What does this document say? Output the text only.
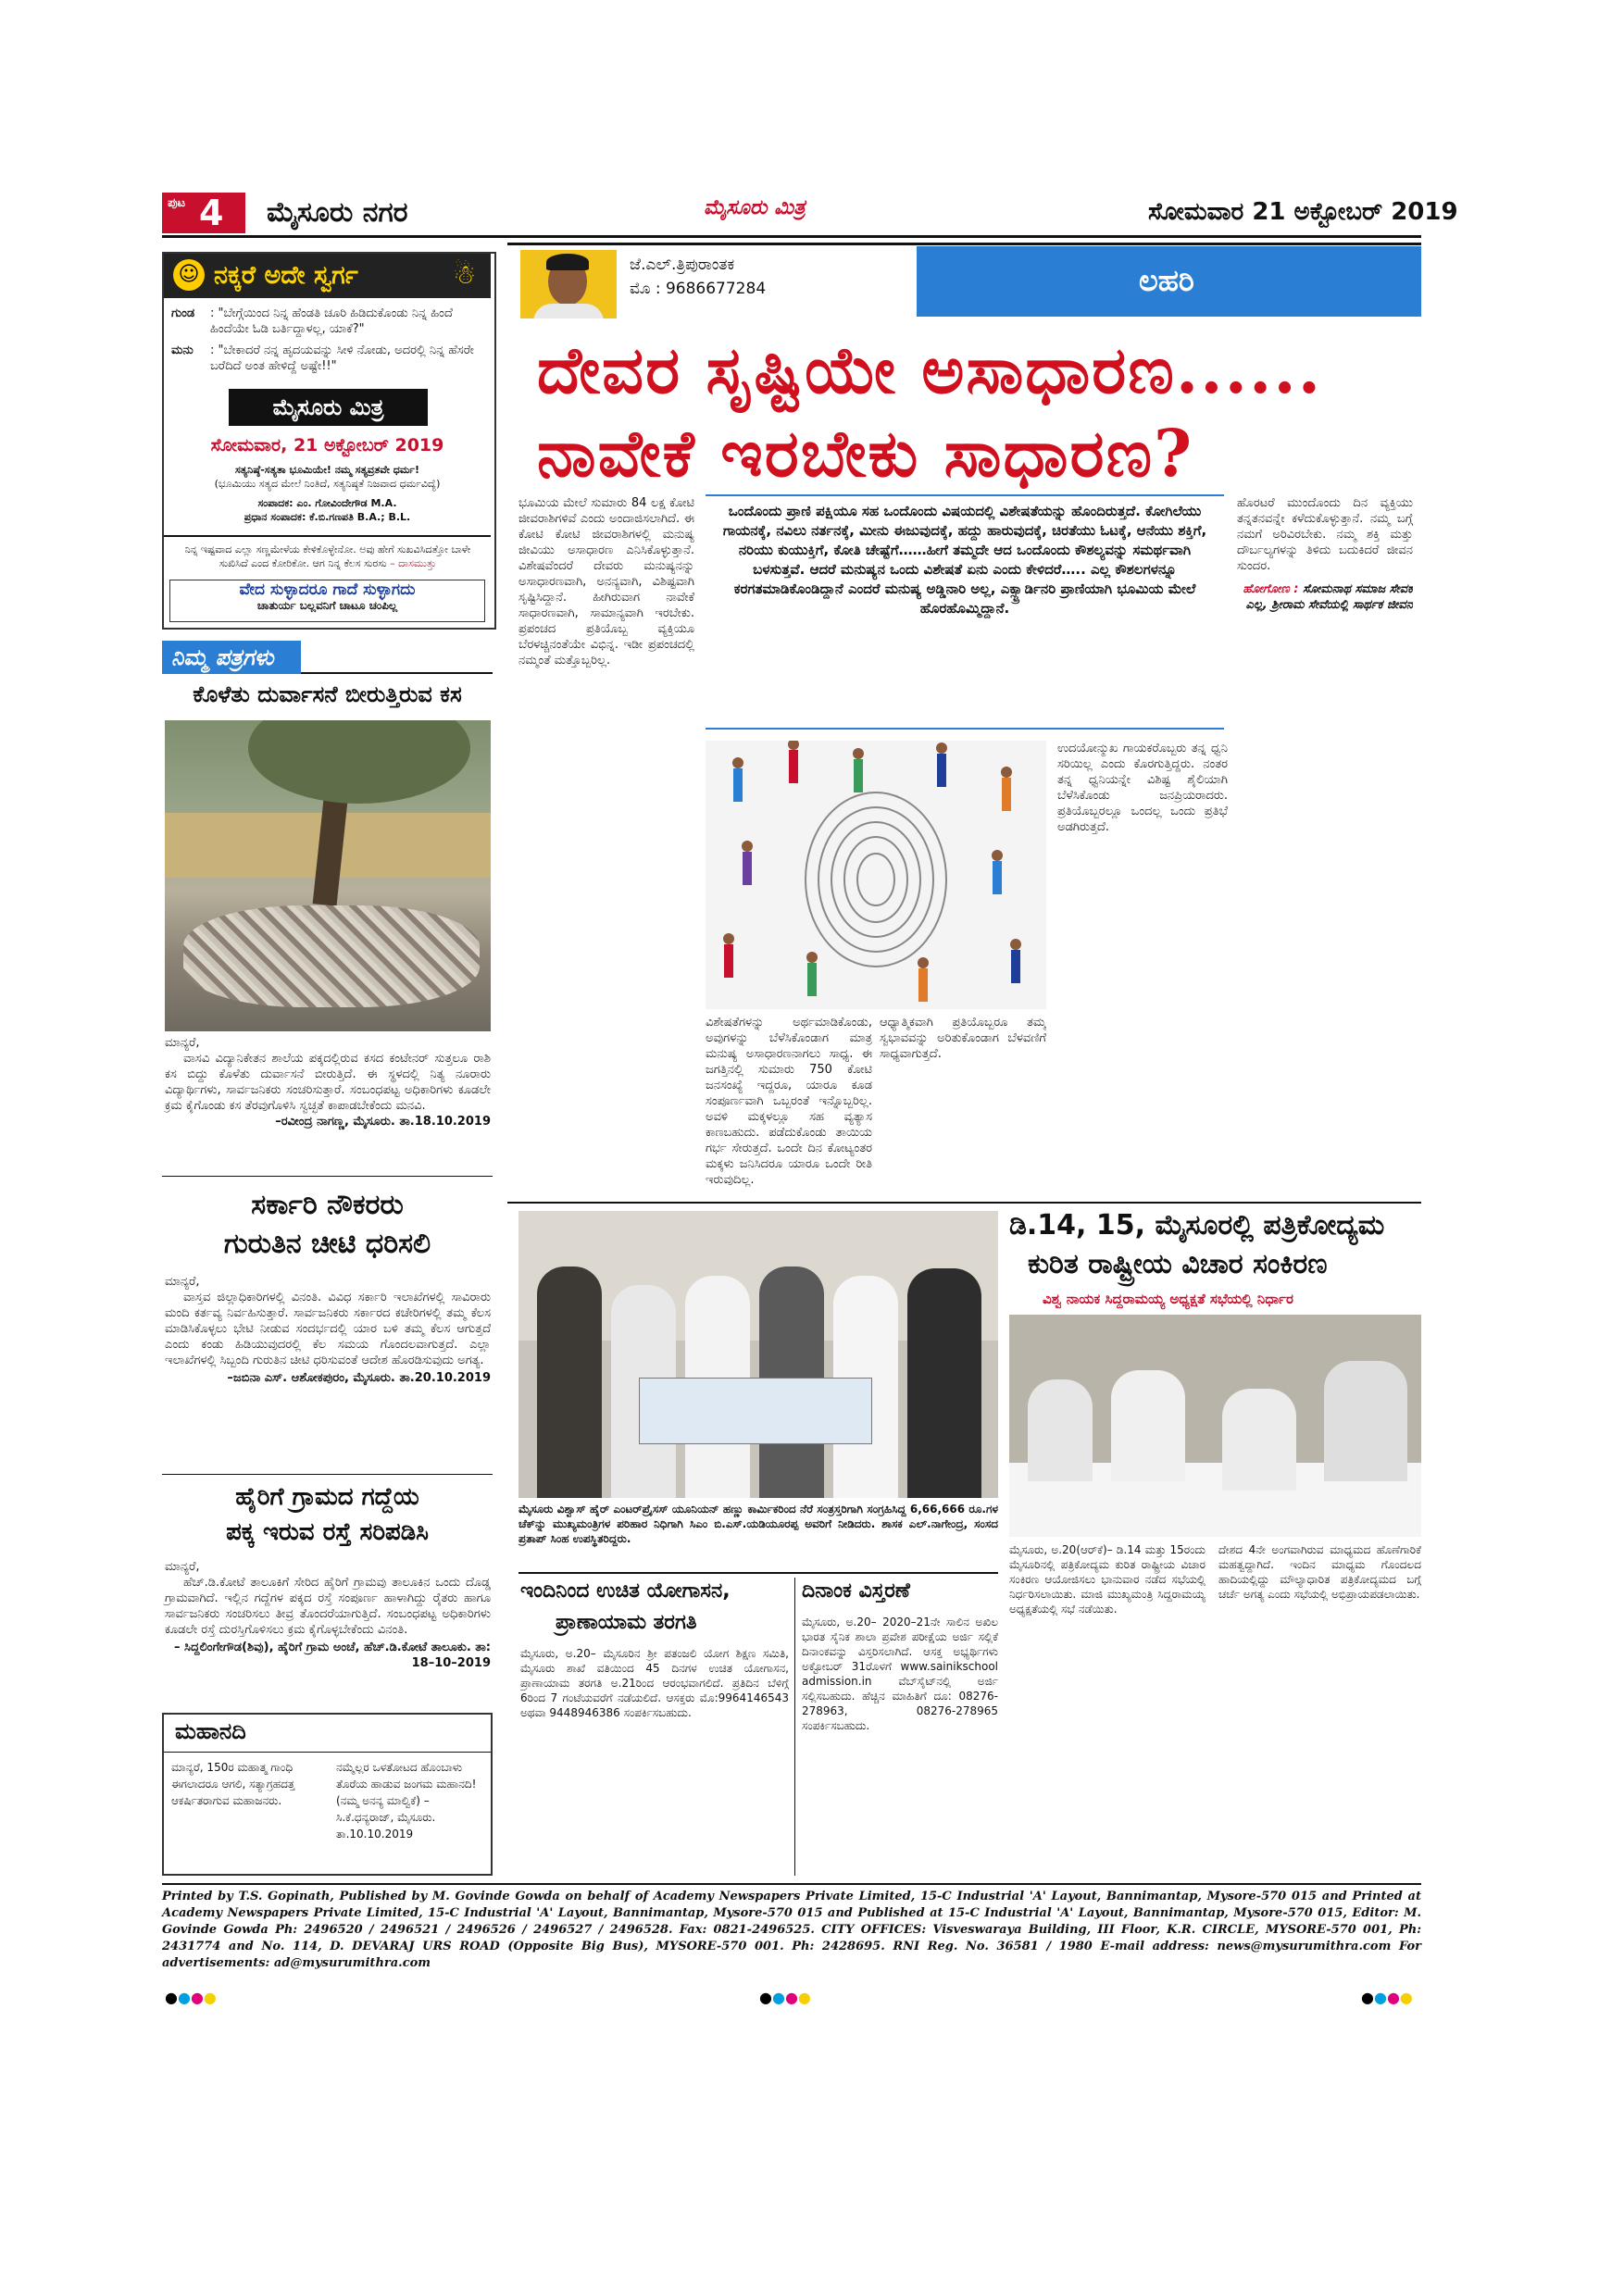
ಪುಟ 4 ಮೈಸೂರು ನಗರ	ಮೈಸೂರು ಮಿತ್ರ	ಸೋಮವಾರ 21 ಅಕ್ಟೋಬರ್ 2019
☺ ನಕ್ಕರೆ ಅದೇ ಸ್ವರ್ಗ	☃
ಗುಂಡ	: "ಬೇಗ್ಗೆಯಿಂದ ನಿನ್ನ ಹೆಂಡತಿ ಚೂರಿ ಹಿಡಿದುಕೊಂಡು ನಿನ್ನ ಹಿಂದೆ ಹಿಂದೆಯೇ ಓಡಿ ಬರ್ತಿದ್ದಾಳಲ್ಲ, ಯಾಕೆ?"
ಮನು	: "ಬೇಕಾದರೆ ನನ್ನ ಹೃದಯವನ್ನು ಸೀಳಿ ನೋಡು, ಅದರಲ್ಲಿ ನಿನ್ನ ಹೆಸರೇ ಬರೆದಿದೆ ಅಂತ ಹೇಳಿದ್ದೆ ಅಷ್ಟೇ!!"
ಮೈಸೂರು ಮಿತ್ರ
ಸೋಮವಾರ, 21 ಅಕ್ಟೋಬರ್ 2019
ಸತ್ಯನಿಷ್ಠೆ-ಸತ್ಯತಾ ಭೂಮಿಯೇ! ನಮ್ಮ ಸತ್ಯವ್ರತವೇ ಧರ್ಮ!
(ಭೂಮಿಯು ಸತ್ಯದ ಮೇಲೆ ನಿಂತಿದೆ, ಸತ್ಯನಿಷ್ಠತೆ ನಿಜವಾದ ಧರ್ಮವಿದ್ಯೆ)
ಸಂಪಾದಕ: ಎಂ. ಗೋವಿಂದೇಗೌಡ M.A.
ಪ್ರಧಾನ ಸಂಪಾದಕ: ಕೆ.ಬಿ.ಗಣಪತಿ B.A.; B.L.
ನಿನ್ನ ಇಷ್ಟವಾದ ಎಲ್ಲಾ ಸಣ್ಣಮೇಳೆಯ ಕೇಳಿಕೊಳ್ಳೇನೋ. ಅವು ಹೇಗೆ ಸುಖವಿಸಿದತ್ತೋ ಬಾಳೇ ಸುಖಿಸಿದೆ ಎಂದ ಕೋರಿಕೋ. ಆಗ ನಿನ್ನ ಕೆಲಸ ಸುರಸು – ದಾಸಮುತ್ತು
ವೇದ ಸುಳ್ಳಾದರೂ ಗಾದೆ ಸುಳ್ಳಾಗದು
ಚಾತುರ್ಯ ಬಲ್ಲವನಿಗೆ ಚಾಟೂ ಚಂಪಿಲ್ಲ
ನಿಮ್ಮ ಪತ್ರಗಳು
ಕೊಳೆತು ದುರ್ವಾಸನೆ ಬೀರುತ್ತಿರುವ ಕಸ
ಮಾನ್ಯರೆ,
ವಾಸವಿ ವಿದ್ಯಾನಿಕೇತನ ಶಾಲೆಯ ಪಕ್ಕದಲ್ಲಿರುವ ಕಸದ ಕಂಟೇನರ್ ಸುತ್ತಲೂ ರಾಶಿ ಕಸ ಬಿದ್ದು ಕೊಳೆತು ದುರ್ವಾಸನೆ ಬೀರುತ್ತಿದೆ. ಈ ಸ್ಥಳದಲ್ಲಿ ನಿತ್ಯ ನೂರಾರು ವಿದ್ಯಾರ್ಥಿಗಳು, ಸಾರ್ವಜನಿಕರು ಸಂಚರಿಸುತ್ತಾರೆ. ಸಂಬಂಧಪಟ್ಟ ಅಧಿಕಾರಿಗಳು ಕೂಡಲೇ ಕ್ರಮ ಕೈಗೊಂಡು ಕಸ ತೆರವುಗೊಳಿಸಿ ಸ್ವಚ್ಛತೆ ಕಾಪಾಡಬೇಕೆಂದು ಮನವಿ.
–ರವೀಂದ್ರ ನಾಗಣ್ಣ, ಮೈಸೂರು. ತಾ.18.10.2019
ಸರ್ಕಾರಿ ನೌಕರರು
ಗುರುತಿನ ಚೀಟಿ ಧರಿಸಲಿ
ಮಾನ್ಯರೆ,
ವಾಸ್ತವ ಜಿಲ್ಲಾಧಿಕಾರಿಗಳಲ್ಲಿ ವಿನಂತಿ. ವಿವಿಧ ಸರ್ಕಾರಿ ಇಲಾಖೆಗಳಲ್ಲಿ ಸಾವಿರಾರು ಮಂದಿ ಕರ್ತವ್ಯ ನಿರ್ವಹಿಸುತ್ತಾರೆ. ಸಾರ್ವಜನಿಕರು ಸರ್ಕಾರದ ಕಚೇರಿಗಳಲ್ಲಿ ತಮ್ಮ ಕೆಲಸ ಮಾಡಿಸಿಕೊಳ್ಳಲು ಭೇಟಿ ನೀಡುವ ಸಂದರ್ಭದಲ್ಲಿ ಯಾರ ಬಳಿ ತಮ್ಮ ಕೆಲಸ ಆಗುತ್ತದೆ ಎಂದು ಕಂಡು ಹಿಡಿಯುವುದರಲ್ಲಿ ಕೆಲ ಸಮಯ ಗೊಂದಲವಾಗುತ್ತದೆ. ಎಲ್ಲಾ ಇಲಾಖೆಗಳಲ್ಲಿ ಸಿಬ್ಬಂದಿ ಗುರುತಿನ ಚೀಟಿ ಧರಿಸುವಂತೆ ಆದೇಶ ಹೊರಡಿಸುವುದು ಅಗತ್ಯ.
–ಜಬಿನಾ ಎಸ್. ಆಶೋಕಪುರಂ, ಮೈಸೂರು. ತಾ.20.10.2019
ಹೈರಿಗೆ ಗ್ರಾಮದ ಗದ್ದೆಯ
ಪಕ್ಕ ಇರುವ ರಸ್ತೆ ಸರಿಪಡಿಸಿ
ಮಾನ್ಯರೆ,
ಹೆಚ್.ಡಿ.ಕೋಟೆ ತಾಲೂಕಿಗೆ ಸೇರಿದ ಹೈರಿಗೆ ಗ್ರಾಮವು ತಾಲೂಕಿನ ಒಂದು ದೊಡ್ಡ ಗ್ರಾಮವಾಗಿದೆ. ಇಲ್ಲಿನ ಗದ್ದೆಗಳ ಪಕ್ಕದ ರಸ್ತೆ ಸಂಪೂರ್ಣ ಹಾಳಾಗಿದ್ದು ರೈತರು ಹಾಗೂ ಸಾರ್ವಜನಿಕರು ಸಂಚರಿಸಲು ತೀವ್ರ ತೊಂದರೆಯಾಗುತ್ತಿದೆ. ಸಂಬಂಧಪಟ್ಟ ಅಧಿಕಾರಿಗಳು ಕೂಡಲೇ ರಸ್ತೆ ದುರಸ್ತಿಗೊಳಿಸಲು ಕ್ರಮ ಕೈಗೊಳ್ಳಬೇಕೆಂದು ವಿನಂತಿ.
– ಸಿದ್ದಲಿಂಗೇಗೌಡ(ಶಿವು), ಹೈರಿಗೆ ಗ್ರಾಮ ಅಂಚೆ, ಹೆಚ್.ಡಿ.ಕೋಟೆ ತಾಲೂಕು. ತಾ: 18–10–2019
ಮಹಾನದಿ
ಮಾನ್ಯರೆ, 150ರ ಮಹಾತ್ಮ ಗಾಂಧಿ ಈಗಲಾದರೂ ಆಗಲಿ, ಸತ್ಯಾಗ್ರಹದತ್ತ ಆಕರ್ಷಿತರಾಗುವ ಮಹಾಜನರು.
ನಮ್ಮೆಲ್ಲರ ಒಳತೋಟದ ಹೊಂಬಾಳು ತೊರೆಯ ಹಾಡುವ ಜಂಗಮ ಮಹಾನದಿ! (ನಮ್ಮ ಅನನ್ಯ ಮಾಲ್ವಿಕೆ) –ಸಿ.ಕೆ.ಧನ್ಯರಾಜ್, ಮೈಸೂರು. ತಾ.10.10.2019
ಜೆ.ಎಲ್.ತ್ರಿಪುರಾಂತಕ
ಮೊ : 9686677284	ಲಹರಿ
ದೇವರ ಸೃಷ್ಟಿಯೇ ಅಸಾಧಾರಣ......
ನಾವೇಕೆ ಇರಬೇಕು ಸಾಧಾರಣ?
ಭೂಮಿಯ ಮೇಲೆ ಸುಮಾರು 84 ಲಕ್ಷ ಕೋಟಿ ಜೀವರಾಶಿಗಳಿವೆ ಎಂದು ಅಂದಾಜಿಸಲಾಗಿದೆ. ಈ ಕೋಟಿ ಕೋಟಿ ಜೀವರಾಶಿಗಳಲ್ಲಿ ಮನುಷ್ಯ ಜೀವಿಯು ಅಸಾಧಾರಣ ಎನಿಸಿಕೊಳ್ಳುತ್ತಾನೆ. ವಿಶೇಷವೆಂದರೆ ದೇವರು ಮನುಷ್ಯನನ್ನು ಅಸಾಧಾರಣವಾಗಿ, ಅನನ್ಯವಾಗಿ, ವಿಶಿಷ್ಟವಾಗಿ ಸೃಷ್ಟಿಸಿದ್ದಾನೆ. ಹೀಗಿರುವಾಗ ನಾವೇಕೆ ಸಾಧಾರಣವಾಗಿ, ಸಾಮಾನ್ಯವಾಗಿ ಇರಬೇಕು. ಪ್ರಪಂಚದ ಪ್ರತಿಯೊಬ್ಬ ವ್ಯಕ್ತಿಯೂ ಬೆರಳಚ್ಚಿನಂತೆಯೇ ವಿಭಿನ್ನ. ಇಡೀ ಪ್ರಪಂಚದಲ್ಲಿ ನಮ್ಮಂತೆ ಮತ್ತೊಬ್ಬರಿಲ್ಲ.
ಒಂದೊಂದು ಪ್ರಾಣಿ ಪಕ್ಷಿಯೂ ಸಹ ಒಂದೊಂದು ವಿಷಯದಲ್ಲಿ ವಿಶೇಷತೆಯನ್ನು ಹೊಂದಿರುತ್ತದೆ. ಕೋಗಿಲೆಯು ಗಾಯನಕ್ಕೆ, ನವಿಲು ನರ್ತನಕ್ಕೆ, ಮೀನು ಈಜುವುದಕ್ಕೆ, ಹದ್ದು ಹಾರುವುದಕ್ಕೆ, ಚಿರತೆಯು ಓಟಕ್ಕೆ, ಆನೆಯು ಶಕ್ತಿಗೆ, ನರಿಯು ಕುಯುಕ್ತಿಗೆ, ಕೋತಿ ಚೇಷ್ಟೆಗೆ……ಹೀಗೆ ತಮ್ಮದೇ ಆದ ಒಂದೊಂದು ಕೌಶಲ್ಯವನ್ನು ಸಮರ್ಥವಾಗಿ ಬಳಸುತ್ತವೆ. ಆದರೆ ಮನುಷ್ಯನ ಒಂದು ವಿಶೇಷತೆ ಏನು ಎಂದು ಕೇಳಿದರೆ….. ಎಲ್ಲ ಕೌಶಲಗಳನ್ನೂ ಕರಗತಮಾಡಿಕೊಂಡಿದ್ದಾನೆ ಎಂದರೆ ಮನುಷ್ಯ ಅಡ್ಡಿನಾರಿ ಅಲ್ಲ, ಎಕ್ಸ್ಟ್ರಾರ್ಡಿನರಿ ಪ್ರಾಣಿಯಾಗಿ ಭೂಮಿಯ ಮೇಲೆ ಹೊರಹೊಮ್ಮಿದ್ದಾನೆ.
ಹೊರಟರೆ ಮುಂದೊಂದು ದಿನ ವ್ಯಕ್ತಿಯು ತನ್ನತನವನ್ನೇ ಕಳೆದುಕೊಳ್ಳುತ್ತಾನೆ. ನಮ್ಮ ಬಗ್ಗೆ ನಮಗೆ ಅರಿವಿರಬೇಕು. ನಮ್ಮ ಶಕ್ತಿ ಮತ್ತು ದೌರ್ಬಲ್ಯಗಳನ್ನು ತಿಳಿದು ಬದುಕಿದರೆ ಜೀವನ ಸುಂದರ.
ಹೋಗೋಣ : ಸೋಮನಾಥ ಸಮಾಜ ಸೇವಕ ಎಲ್ಲ, ಶ್ರೀರಾಮ ಸೇವೆಯಲ್ಲಿ ಸಾರ್ಥಕ ಜೀವನ
ಉದಯೋನ್ಮುಖ ಗಾಯಕರೊಬ್ಬರು ತನ್ನ ಧ್ವನಿ ಸರಿಯಿಲ್ಲ ಎಂದು ಕೊರಗುತ್ತಿದ್ದರು. ನಂತರ ತನ್ನ ಧ್ವನಿಯನ್ನೇ ವಿಶಿಷ್ಟ ಶೈಲಿಯಾಗಿ ಬೆಳೆಸಿಕೊಂಡು ಜನಪ್ರಿಯರಾದರು. ಪ್ರತಿಯೊಬ್ಬರಲ್ಲೂ ಒಂದಲ್ಲ ಒಂದು ಪ್ರತಿಭೆ ಅಡಗಿರುತ್ತದೆ.
ವಿಶೇಷತೆಗಳನ್ನು ಅರ್ಥಮಾಡಿಕೊಂಡು, ಅವುಗಳನ್ನು ಬೆಳೆಸಿಕೊಂಡಾಗ ಮಾತ್ರ ಮನುಷ್ಯ ಅಸಾಧಾರಣನಾಗಲು ಸಾಧ್ಯ. ಈ ಜಗತ್ತಿನಲ್ಲಿ ಸುಮಾರು 750 ಕೋಟಿ ಜನಸಂಖ್ಯೆ ಇದ್ದರೂ, ಯಾರೂ ಕೂಡ ಸಂಪೂರ್ಣವಾಗಿ ಒಬ್ಬರಂತೆ ಇನ್ನೊಬ್ಬರಿಲ್ಲ. ಅವಳಿ ಮಕ್ಕಳಲ್ಲೂ ಸಹ ವ್ಯತ್ಯಾಸ ಕಾಣಬಹುದು. ಪಡೆದುಕೊಂಡು ತಾಯಿಯ ಗರ್ಭ ಸೇರುತ್ತದೆ. ಒಂದೇ ದಿನ ಕೋಟ್ಯಂತರ ಮಕ್ಕಳು ಜನಿಸಿದರೂ ಯಾರೂ ಒಂದೇ ರೀತಿ ಇರುವುದಿಲ್ಲ.
ಆಧ್ಯಾತ್ಮಿಕವಾಗಿ ಪ್ರತಿಯೊಬ್ಬರೂ ತಮ್ಮ ಸ್ವಭಾವವನ್ನು ಅರಿತುಕೊಂಡಾಗ ಬೆಳವಣಿಗೆ ಸಾಧ್ಯವಾಗುತ್ತದೆ.
ಮೈಸೂರು ವಿಶ್ವಾಸ್ ಹೈರ್ ಎಂಟರ್‌ಪ್ರೈಸಸ್ ಯೂನಿಯನ್ ಹಣ್ಣು ಕಾರ್ಮಿಕರಿಂದ ನೆರೆ ಸಂತ್ರಸ್ತರಿಗಾಗಿ ಸಂಗ್ರಹಿಸಿದ್ದ 6,66,666 ರೂ.ಗಳ ಚೆಕ್‌ನ್ನು ಮುಖ್ಯಮಂತ್ರಿಗಳ ಪರಿಹಾರ ನಿಧಿಗಾಗಿ ಸಿಎಂ ಬಿ.ಎಸ್.ಯಡಿಯೂರಪ್ಪ ಅವರಿಗೆ ನೀಡಿದರು. ಶಾಸಕ ಎಲ್.ನಾಗೇಂದ್ರ, ಸಂಸದ ಪ್ರತಾಪ್ ಸಿಂಹ ಉಪಸ್ಥಿತರಿದ್ದರು.
ಡಿ.14, 15, ಮೈಸೂರಲ್ಲಿ ಪತ್ರಿಕೋದ್ಯಮ
ಕುರಿತ ರಾಷ್ಟ್ರೀಯ ವಿಚಾರ ಸಂಕಿರಣ
ವಿಶ್ವ ನಾಯಕ ಸಿದ್ದರಾಮಯ್ಯ ಅಧ್ಯಕ್ಷತೆ ಸಭೆಯಲ್ಲಿ ನಿರ್ಧಾರ
ಮೈಸೂರು, ಅ.20(ಆರ್‌ಕೆ)– ಡಿ.14 ಮತ್ತು 15ರಂದು ಮೈಸೂರಿನಲ್ಲಿ ಪತ್ರಿಕೋದ್ಯಮ ಕುರಿತ ರಾಷ್ಟ್ರೀಯ ವಿಚಾರ ಸಂಕಿರಣ ಆಯೋಜಿಸಲು ಭಾನುವಾರ ನಡೆದ ಸಭೆಯಲ್ಲಿ ನಿರ್ಧರಿಸಲಾಯಿತು. ಮಾಜಿ ಮುಖ್ಯಮಂತ್ರಿ ಸಿದ್ದರಾಮಯ್ಯ ಅಧ್ಯಕ್ಷತೆಯಲ್ಲಿ ಸಭೆ ನಡೆಯಿತು.
ದೇಶದ 4ನೇ ಅಂಗವಾಗಿರುವ ಮಾಧ್ಯಮದ ಹೊಣೆಗಾರಿಕೆ ಮಹತ್ವದ್ದಾಗಿದೆ. ಇಂದಿನ ಮಾಧ್ಯಮ ಗೊಂದಲದ ಹಾದಿಯಲ್ಲಿದ್ದು ಮೌಲ್ಯಾಧಾರಿತ ಪತ್ರಿಕೋದ್ಯಮದ ಬಗ್ಗೆ ಚರ್ಚೆ ಅಗತ್ಯ ಎಂದು ಸಭೆಯಲ್ಲಿ ಅಭಿಪ್ರಾಯಪಡಲಾಯಿತು.
ಇಂದಿನಿಂದ ಉಚಿತ ಯೋಗಾಸನ,
ಪ್ರಾಣಾಯಾಮ ತರಗತಿ
ಮೈಸೂರು, ಅ.20– ಮೈಸೂರಿನ ಶ್ರೀ ಪತಂಜಲಿ ಯೋಗ ಶಿಕ್ಷಣ ಸಮಿತಿ, ಮೈಸೂರು ಶಾಖೆ ವತಿಯಿಂದ 45 ದಿನಗಳ ಉಚಿತ ಯೋಗಾಸನ, ಪ್ರಾಣಾಯಾಮ ತರಗತಿ ಅ.21ರಿಂದ ಆರಂಭವಾಗಲಿದೆ. ಪ್ರತಿದಿನ ಬೆಳಿಗ್ಗೆ 6ರಿಂದ 7 ಗಂಟೆಯವರೆಗೆ ನಡೆಯಲಿದೆ. ಆಸಕ್ತರು ಮೊ:9964146543 ಅಥವಾ 9448946386 ಸಂಪರ್ಕಿಸಬಹುದು.
ದಿನಾಂಕ ವಿಸ್ತರಣೆ
ಮೈಸೂರು, ಅ.20– 2020–21ನೇ ಸಾಲಿನ ಅಖಿಲ ಭಾರತ ಸೈನಿಕ ಶಾಲಾ ಪ್ರವೇಶ ಪರೀಕ್ಷೆಯ ಅರ್ಜಿ ಸಲ್ಲಿಕೆ ದಿನಾಂಕವನ್ನು ವಿಸ್ತರಿಸಲಾಗಿದೆ. ಆಸಕ್ತ ಅಭ್ಯರ್ಥಿಗಳು ಅಕ್ಟೋಬರ್ 31ರೊಳಗೆ www.sainikschool admission.in ವೆಬ್‌ಸೈಟ್‌ನಲ್ಲಿ ಅರ್ಜಿ ಸಲ್ಲಿಸಬಹುದು. ಹೆಚ್ಚಿನ ಮಾಹಿತಿಗೆ ದೂ: 08276-278963, 08276-278965 ಸಂಪರ್ಕಿಸಬಹುದು.
Printed by T.S. Gopinath, Published by M. Govinde Gowda on behalf of Academy Newspapers Private Limited, 15-C Industrial 'A' Layout, Bannimantap, Mysore-570 015 and Printed at Academy Newspapers Private Limited, 15-C Industrial 'A' Layout, Bannimantap, Mysore-570 015 and Published at 15-C Industrial 'A' Layout, Bannimantap, Mysore-570 015, Editor: M. Govinde Gowda Ph: 2496520 / 2496521 / 2496526 / 2496527 / 2496528. Fax: 0821-2496525. CITY OFFICES: Visveswaraya Building, III Floor, K.R. CIRCLE, MYSORE-570 001, Ph: 2431774 and No. 114, D. DEVARAJ URS ROAD (Opposite Big Bus), MYSORE-570 001. Ph: 2428695. RNI Reg. No. 36581 / 1980 E-mail address: news@mysurumithra.com For advertisements: ad@mysurumithra.com
●●●●	●●●●	●●●●
